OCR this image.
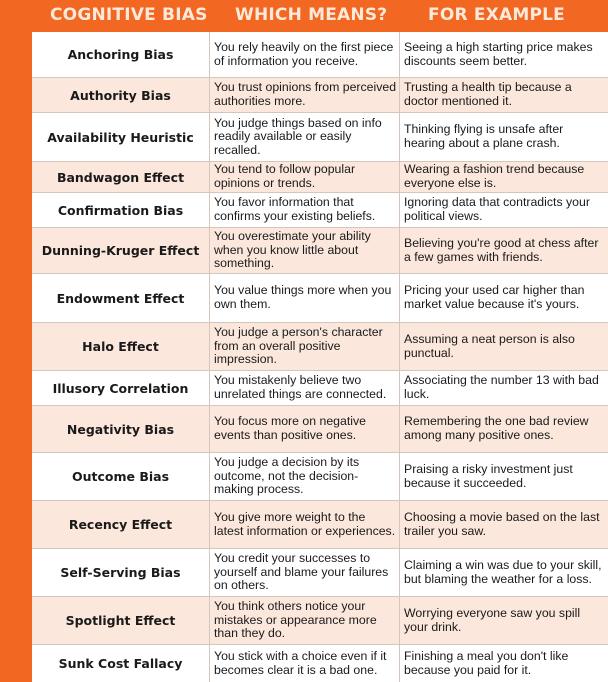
COGNITIVE BIAS WHICH MEANS? FOR EXAMPLE
Anchoring Bias
You rely heavily on the first piece of information you receive.
Seeing a high starting price makes discounts seem better.
Authority Bias
You trust opinions from perceived authorities more.
Trusting a health tip because a doctor mentioned it.
Availability Heuristic
You judge things based on info readily available or easily recalled.
Thinking flying is unsafe after hearing about a plane crash.
Bandwagon Effect
You tend to follow popular opinions or trends.
Wearing a fashion trend because everyone else is.
Confirmation Bias
You favor information that confirms your existing beliefs.
Ignoring data that contradicts your political views.
Dunning-Kruger Effect
You overestimate your ability when you know little about something.
Believing you're good at chess after a few games with friends.
Endowment Effect
You value things more when you own them.
Pricing your used car higher than market value because it's yours.
Halo Effect
You judge a person's character from an overall positive impression.
Assuming a neat person is also punctual.
Illusory Correlation
You mistakenly believe two unrelated things are connected.
Associating the number 13 with bad luck.
Negativity Bias
You focus more on negative events than positive ones.
Remembering the one bad review among many positive ones.
Outcome Bias
You judge a decision by its outcome, not the decision-making process.
Praising a risky investment just because it succeeded.
Recency Effect
You give more weight to the latest information or experiences.
Choosing a movie based on the last trailer you saw.
Self-Serving Bias
You credit your successes to yourself and blame your failures on others.
Claiming a win was due to your skill, but blaming the weather for a loss.
Spotlight Effect
You think others notice your mistakes or appearance more than they do.
Worrying everyone saw you spill your drink.
Sunk Cost Fallacy
You stick with a choice even if it becomes clear it is a bad one.
Finishing a meal you don't like because you paid for it.
